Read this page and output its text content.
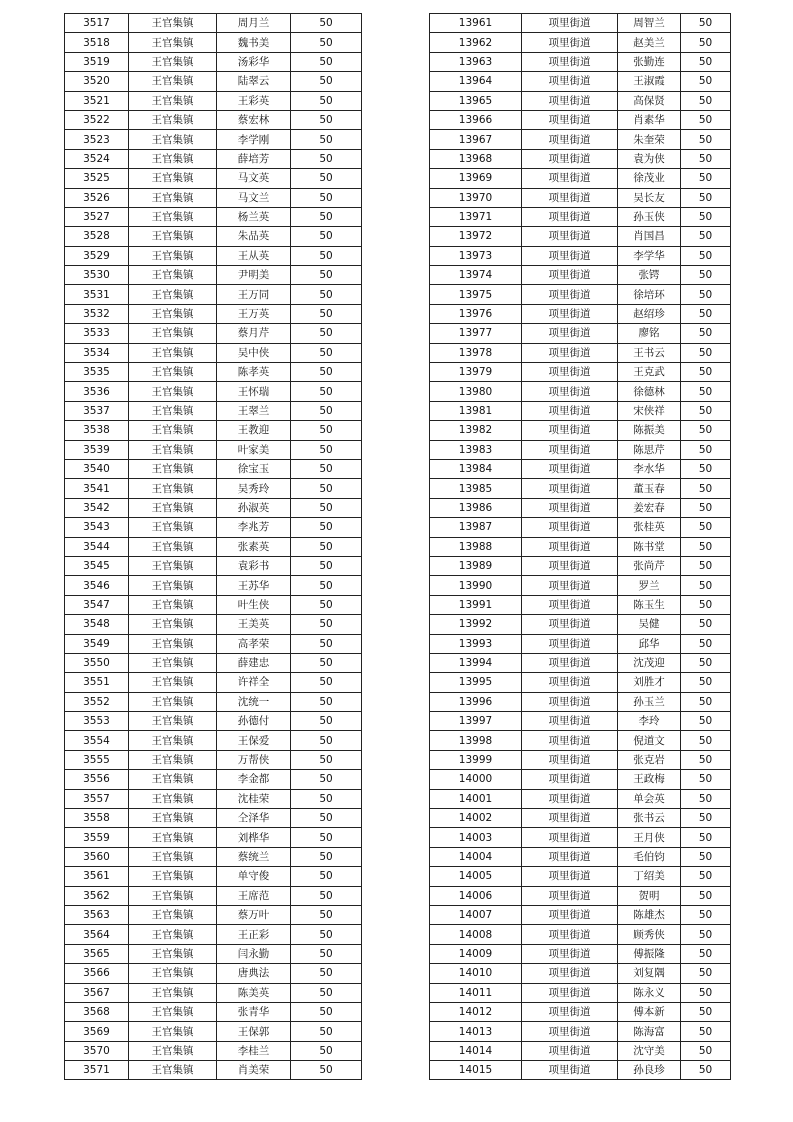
3517	王官集镇	周月兰	50
3518	王官集镇	魏书美	50
3519	王官集镇	汤彩华	50
3520	王官集镇	陆翠云	50
3521	王官集镇	王彩英	50
3522	王官集镇	蔡宏林	50
3523	王官集镇	李学刚	50
3524	王官集镇	薛培芳	50
3525	王官集镇	马文英	50
3526	王官集镇	马文兰	50
3527	王官集镇	杨兰英	50
3528	王官集镇	朱品英	50
3529	王官集镇	王从英	50
3530	王官集镇	尹明美	50
3531	王官集镇	王万同	50
3532	王官集镇	王万英	50
3533	王官集镇	蔡月芹	50
3534	王官集镇	吴中侠	50
3535	王官集镇	陈孝英	50
3536	王官集镇	王怀瑞	50
3537	王官集镇	王翠兰	50
3538	王官集镇	王教迎	50
3539	王官集镇	叶家美	50
3540	王官集镇	徐宝玉	50
3541	王官集镇	吴秀玲	50
3542	王官集镇	孙淑英	50
3543	王官集镇	李兆芳	50
3544	王官集镇	张素英	50
3545	王官集镇	袁彩书	50
3546	王官集镇	王苏华	50
3547	王官集镇	叶生侠	50
3548	王官集镇	王美英	50
3549	王官集镇	高孝荣	50
3550	王官集镇	薛建忠	50
3551	王官集镇	许祥全	50
3552	王官集镇	沈统一	50
3553	王官集镇	孙德付	50
3554	王官集镇	王保爱	50
3555	王官集镇	万帮侠	50
3556	王官集镇	李金都	50
3557	王官集镇	沈桂荣	50
3558	王官集镇	仝泽华	50
3559	王官集镇	刘桦华	50
3560	王官集镇	蔡统兰	50
3561	王官集镇	单守俊	50
3562	王官集镇	王席范	50
3563	王官集镇	蔡万叶	50
3564	王官集镇	王正彩	50
3565	王官集镇	闫永勤	50
3566	王官集镇	唐典法	50
3567	王官集镇	陈美英	50
3568	王官集镇	张青华	50
3569	王官集镇	王保郭	50
3570	王官集镇	李桂兰	50
3571	王官集镇	肖美荣	50
13961	项里街道	周智兰	50
13962	项里街道	赵美兰	50
13963	项里街道	张勤连	50
13964	项里街道	王淑霞	50
13965	项里街道	高保贤	50
13966	项里街道	肖素华	50
13967	项里街道	朱奎荣	50
13968	项里街道	袁为侠	50
13969	项里街道	徐茂业	50
13970	项里街道	吴长友	50
13971	项里街道	孙玉侠	50
13972	项里街道	肖国昌	50
13973	项里街道	李学华	50
13974	项里街道	张锷	50
13975	项里街道	徐培环	50
13976	项里街道	赵绍珍	50
13977	项里街道	廖铭	50
13978	项里街道	王书云	50
13979	项里街道	王克武	50
13980	项里街道	徐德林	50
13981	项里街道	宋侠祥	50
13982	项里街道	陈振美	50
13983	项里街道	陈思芹	50
13984	项里街道	李水华	50
13985	项里街道	董玉春	50
13986	项里街道	姜宏春	50
13987	项里街道	张桂英	50
13988	项里街道	陈书堂	50
13989	项里街道	张尚芹	50
13990	项里街道	罗兰	50
13991	项里街道	陈玉生	50
13992	项里街道	吴健	50
13993	项里街道	邱华	50
13994	项里街道	沈茂迎	50
13995	项里街道	刘胜才	50
13996	项里街道	孙玉兰	50
13997	项里街道	李玲	50
13998	项里街道	倪道文	50
13999	项里街道	张克岩	50
14000	项里街道	王政梅	50
14001	项里街道	单会英	50
14002	项里街道	张书云	50
14003	项里街道	王月侠	50
14004	项里街道	毛伯钧	50
14005	项里街道	丁绍美	50
14006	项里街道	贺明	50
14007	项里街道	陈雄杰	50
14008	项里街道	顾秀侠	50
14009	项里街道	傅振隆	50
14010	项里街道	刘复隅	50
14011	项里街道	陈永义	50
14012	项里街道	傅本新	50
14013	项里街道	陈海富	50
14014	项里街道	沈守美	50
14015	项里街道	孙良珍	50
